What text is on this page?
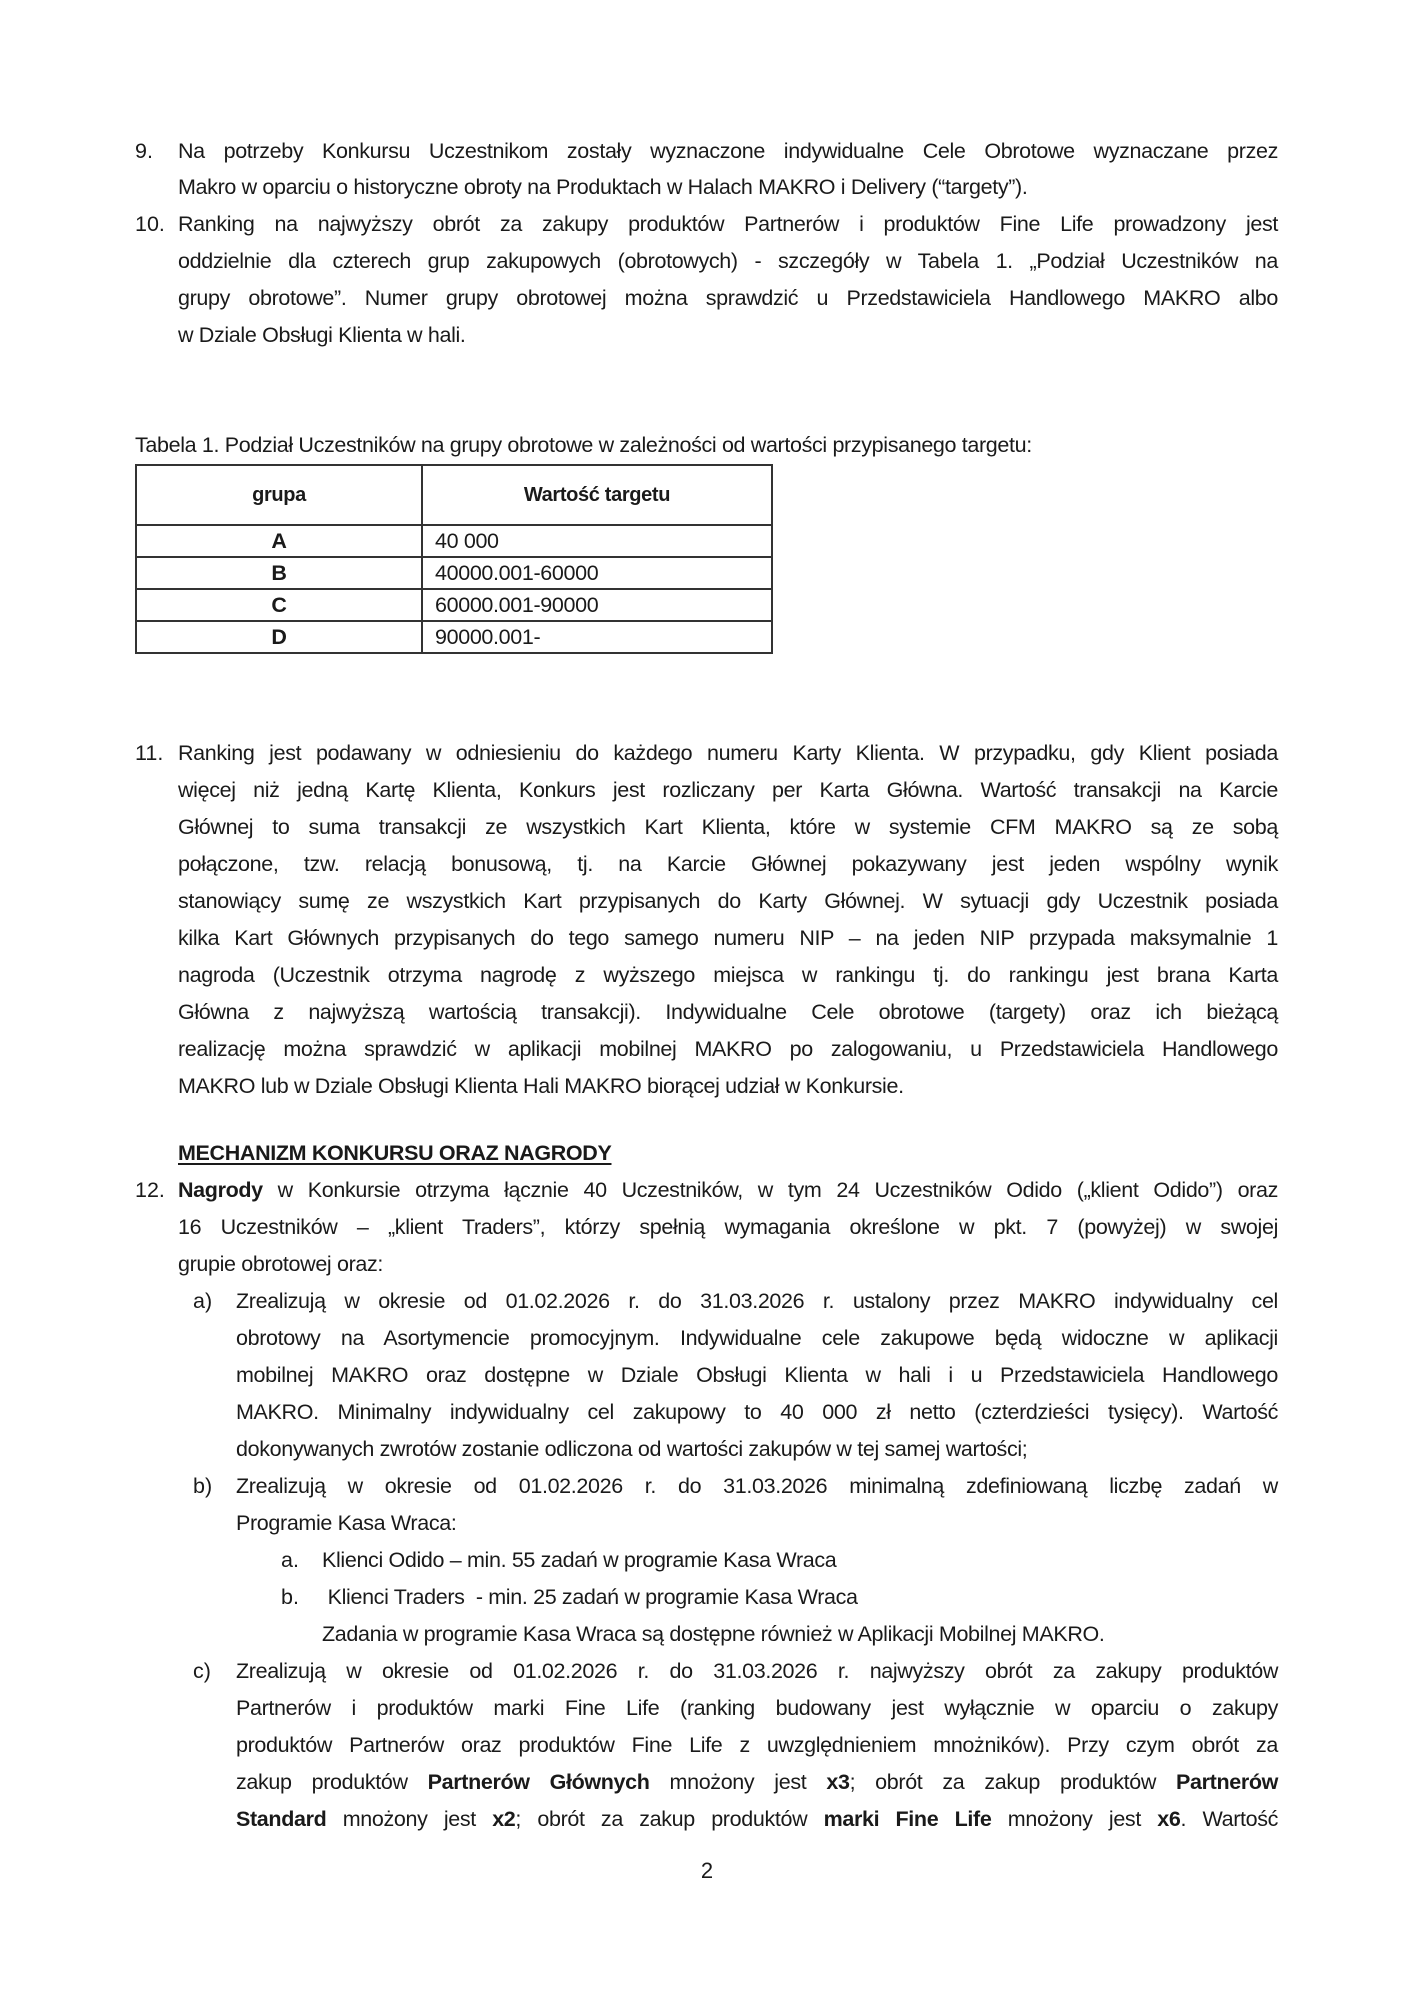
9. Na potrzeby Konkursu Uczestnikom zostały wyznaczone indywidualne Cele Obrotowe wyznaczane przez
Makro w oparciu o historyczne obroty na Produktach w Halach MAKRO i Delivery (“targety”).
10. Ranking na najwyższy obrót za zakupy produktów Partnerów i produktów Fine Life prowadzony jest
oddzielnie dla czterech grup zakupowych (obrotowych) - szczegóły w Tabela 1. „Podział Uczestników na
grupy obrotowe”. Numer grupy obrotowej można sprawdzić u Przedstawiciela Handlowego MAKRO albo
w Dziale Obsługi Klienta w hali.
Tabela 1. Podział Uczestników na grupy obrotowe w zależności od wartości przypisanego targetu:
grupa	Wartość targetu
A	40 000
B	40000.001-60000
C	60000.001-90000
D	90000.001-
11. Ranking jest podawany w odniesieniu do każdego numeru Karty Klienta. W przypadku, gdy Klient posiada
więcej niż jedną Kartę Klienta, Konkurs jest rozliczany per Karta Główna. Wartość transakcji na Karcie
Głównej to suma transakcji ze wszystkich Kart Klienta, które w systemie CFM MAKRO są ze sobą
połączone, tzw. relacją bonusową, tj. na Karcie Głównej pokazywany jest jeden wspólny wynik
stanowiący sumę ze wszystkich Kart przypisanych do Karty Głównej. W sytuacji gdy Uczestnik posiada
kilka Kart Głównych przypisanych do tego samego numeru NIP – na jeden NIP przypada maksymalnie 1
nagroda (Uczestnik otrzyma nagrodę z wyższego miejsca w rankingu tj. do rankingu jest brana Karta
Główna z najwyższą wartością transakcji). Indywidualne Cele obrotowe (targety) oraz ich bieżącą
realizację można sprawdzić w aplikacji mobilnej MAKRO po zalogowaniu, u Przedstawiciela Handlowego
MAKRO lub w Dziale Obsługi Klienta Hali MAKRO biorącej udział w Konkursie.
MECHANIZM KONKURSU ORAZ NAGRODY
12. Nagrody w Konkursie otrzyma łącznie 40 Uczestników, w tym 24 Uczestników Odido („klient Odido”) oraz
16 Uczestników – „klient Traders”, którzy spełnią wymagania określone w pkt. 7 (powyżej) w swojej
grupie obrotowej oraz:
a) Zrealizują w okresie od 01.02.2026 r. do 31.03.2026 r. ustalony przez MAKRO indywidualny cel
obrotowy na Asortymencie promocyjnym. Indywidualne cele zakupowe będą widoczne w aplikacji
mobilnej MAKRO oraz dostępne w Dziale Obsługi Klienta w hali i u Przedstawiciela Handlowego
MAKRO. Minimalny indywidualny cel zakupowy to 40 000 zł netto (czterdzieści tysięcy). Wartość
dokonywanych zwrotów zostanie odliczona od wartości zakupów w tej samej wartości;
b) Zrealizują w okresie od 01.02.2026 r. do 31.03.2026 minimalną zdefiniowaną liczbę zadań w
Programie Kasa Wraca:
a. Klienci Odido – min. 55 zadań w programie Kasa Wraca
b. Klienci Traders  - min. 25 zadań w programie Kasa Wraca
Zadania w programie Kasa Wraca są dostępne również w Aplikacji Mobilnej MAKRO.
c) Zrealizują w okresie od 01.02.2026 r. do 31.03.2026 r. najwyższy obrót za zakupy produktów
Partnerów i produktów marki Fine Life (ranking budowany jest wyłącznie w oparciu o zakupy
produktów Partnerów oraz produktów Fine Life z uwzględnieniem mnożników). Przy czym obrót za
zakup produktów Partnerów Głównych mnożony jest x3; obrót za zakup produktów Partnerów
Standard mnożony jest x2; obrót za zakup produktów marki Fine Life mnożony jest x6. Wartość
2
